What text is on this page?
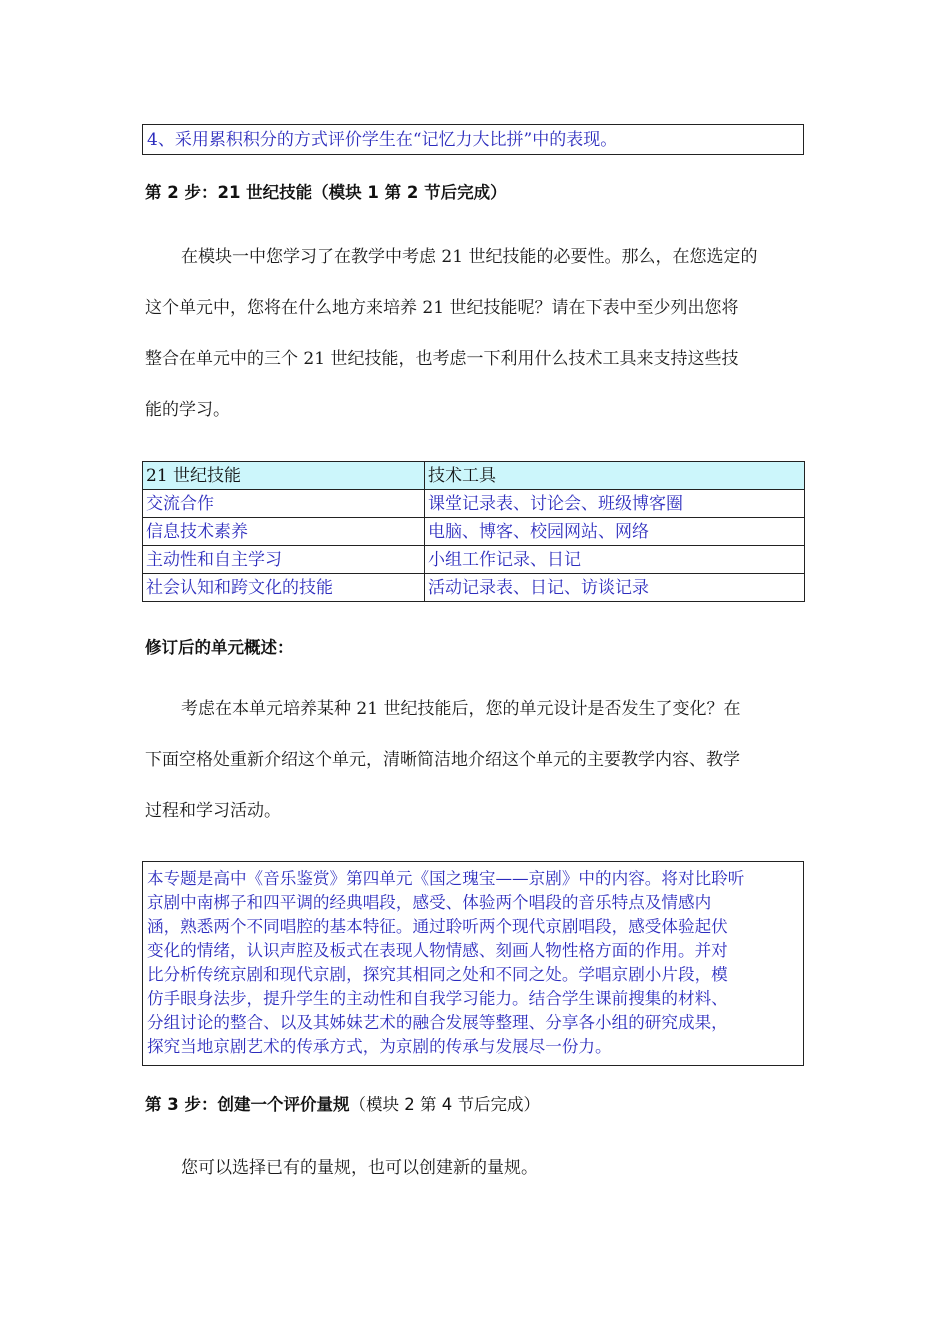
4、采用累积积分的方式评价学生在“记忆力大比拼”中的表现。
第 2 步：21 世纪技能（模块 1 第 2 节后完成）

在模块一中您学习了在教学中考虑 21 世纪技能的必要性。那么，在您选定的

这个单元中，您将在什么地方来培养 21 世纪技能呢？请在下表中至少列出您将

整合在单元中的三个 21 世纪技能，也考虑一下利用什么技术工具来支持这些技

能的学习。

21 世纪技能	技术工具
交流合作	课堂记录表、讨论会、班级博客圈
信息技术素养	电脑、博客、校园网站、网络
主动性和自主学习	小组工作记录、日记
社会认知和跨文化的技能	活动记录表、日记、访谈记录
修订后的单元概述：

考虑在本单元培养某种 21 世纪技能后，您的单元设计是否发生了变化？在

下面空格处重新介绍这个单元，清晰简洁地介绍这个单元的主要教学内容、教学

过程和学习活动。

本专题是高中《音乐鉴赏》第四单元《国之瑰宝——京剧》中的内容。将对比聆听
京剧中南梆子和四平调的经典唱段，感受、体验两个唱段的音乐特点及情感内
涵，熟悉两个不同唱腔的基本特征。通过聆听两个现代京剧唱段，感受体验起伏
变化的情绪，认识声腔及板式在表现人物情感、刻画人物性格方面的作用。并对
比分析传统京剧和现代京剧，探究其相同之处和不同之处。学唱京剧小片段，模
仿手眼身法步，提升学生的主动性和自我学习能力。结合学生课前搜集的材料、
分组讨论的整合、以及其姊妹艺术的融合发展等整理、分享各小组的研究成果，
探究当地京剧艺术的传承方式，为京剧的传承与发展尽一份力。
第 3 步：创建一个评价量规（模块 2 第 4 节后完成）

您可以选择已有的量规，也可以创建新的量规。
